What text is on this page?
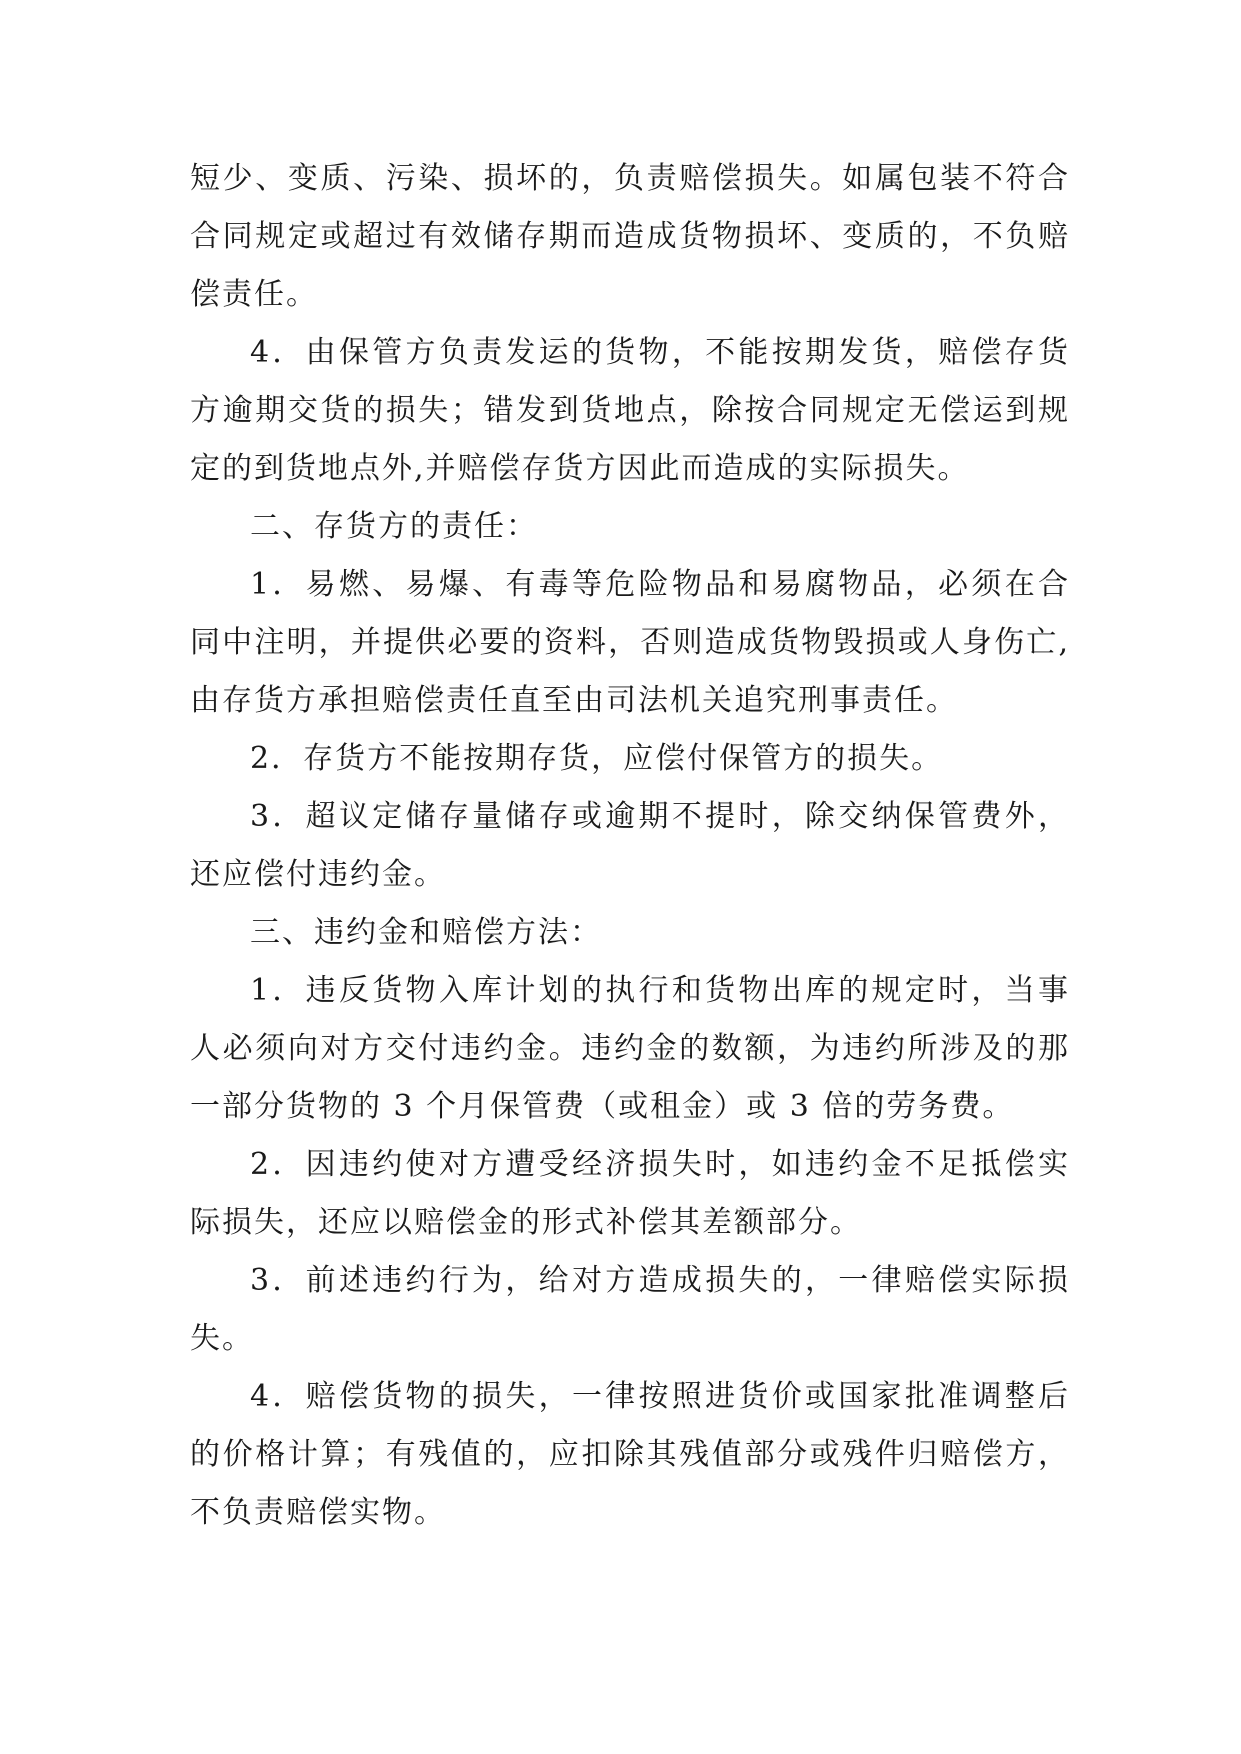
短少、变质、污染、损坏的，负责赔偿损失。如属包装不符合合同规定或超过有效储存期而造成货物损坏、变质的，不负赔偿责任。

4．由保管方负责发运的货物，不能按期发货，赔偿存货方逾期交货的损失；错发到货地点，除按合同规定无偿运到规定的到货地点外,并赔偿存货方因此而造成的实际损失。

二、存货方的责任：

1．易燃、易爆、有毒等危险物品和易腐物品，必须在合同中注明，并提供必要的资料，否则造成货物毁损或人身伤亡,由存货方承担赔偿责任直至由司法机关追究刑事责任。

2．存货方不能按期存货，应偿付保管方的损失。

3．超议定储存量储存或逾期不提时，除交纳保管费外，还应偿付违约金。

三、违约金和赔偿方法：

1．违反货物入库计划的执行和货物出库的规定时，当事人必须向对方交付违约金。违约金的数额，为违约所涉及的那一部分货物的 3 个月保管费（或租金）或 3 倍的劳务费。

2．因违约使对方遭受经济损失时，如违约金不足抵偿实际损失，还应以赔偿金的形式补偿其差额部分。

3．前述违约行为，给对方造成损失的，一律赔偿实际损失。

4．赔偿货物的损失，一律按照进货价或国家批准调整后的价格计算；有残值的，应扣除其残值部分或残件归赔偿方，不负责赔偿实物。
